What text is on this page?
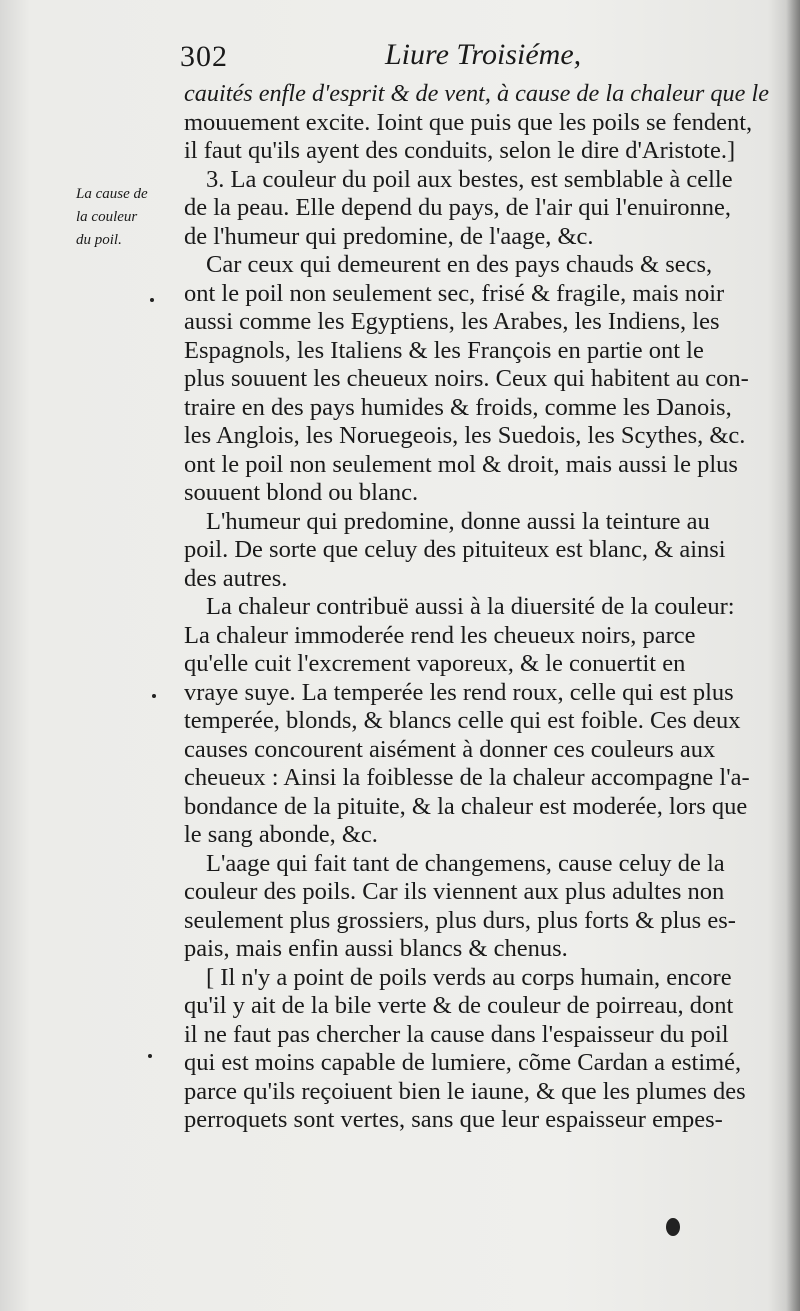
302	Liure Troisiéme,
La cause de
la couleur
du poil.
cauités enfle d'esprit & de vent, à cause de la chaleur que le
mouuement excite. Ioint que puis que les poils se fendent,
il faut qu'ils ayent des conduits, selon le dire d'Aristote.]
3. La couleur du poil aux bestes, est semblable à celle
de la peau. Elle depend du pays, de l'air qui l'enuironne,
de l'humeur qui predomine, de l'aage, &c.
Car ceux qui demeurent en des pays chauds & secs,
ont le poil non seulement sec, frisé & fragile, mais noir
aussi comme les Egyptiens, les Arabes, les Indiens, les
Espagnols, les Italiens & les François en partie ont le
plus souuent les cheueux noirs. Ceux qui habitent au con-
traire en des pays humides & froids, comme les Danois,
les Anglois, les Noruegeois, les Suedois, les Scythes, &c.
ont le poil non seulement mol & droit, mais aussi le plus
souuent blond ou blanc.
L'humeur qui predomine, donne aussi la teinture au
poil. De sorte que celuy des pituiteux est blanc, & ainsi
des autres.
La chaleur contribuë aussi à la diuersité de la couleur:
La chaleur immoderée rend les cheueux noirs, parce
qu'elle cuit l'excrement vaporeux, & le conuertit en
vraye suye. La temperée les rend roux, celle qui est plus
temperée, blonds, & blancs celle qui est foible. Ces deux
causes concourent aisément à donner ces couleurs aux
cheueux : Ainsi la foiblesse de la chaleur accompagne l'a-
bondance de la pituite, & la chaleur est moderée, lors que
le sang abonde, &c.
L'aage qui fait tant de changemens, cause celuy de la
couleur des poils. Car ils viennent aux plus adultes non
seulement plus grossiers, plus durs, plus forts & plus es-
pais, mais enfin aussi blancs & chenus.
[ Il n'y a point de poils verds au corps humain, encore
qu'il y ait de la bile verte & de couleur de poirreau, dont
il ne faut pas chercher la cause dans l'espaisseur du poil
qui est moins capable de lumiere, cõme Cardan a estimé,
parce qu'ils reçoiuent bien le iaune, & que les plumes des
perroquets sont vertes, sans que leur espaisseur empes-
